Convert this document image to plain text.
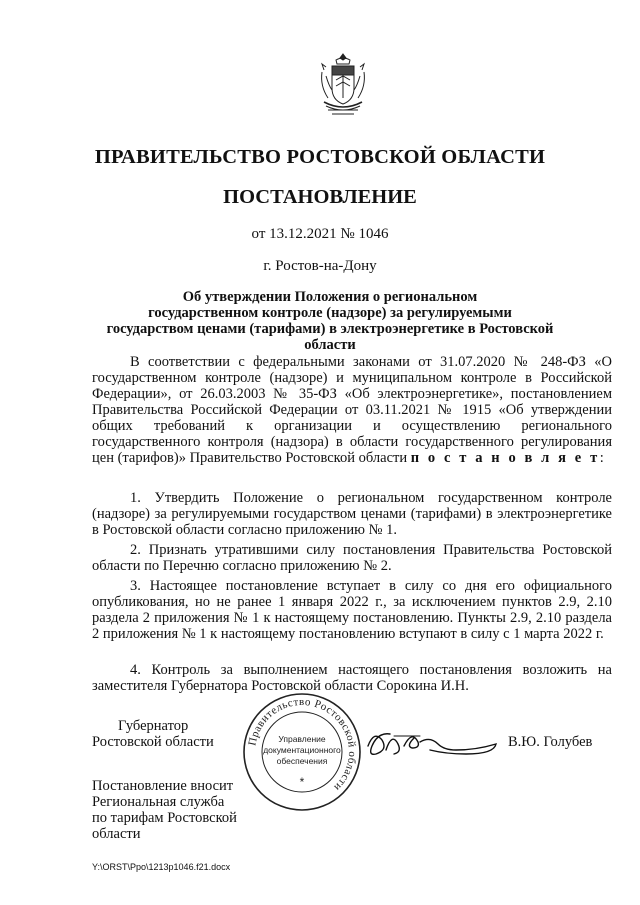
ПРАВИТЕЛЬСТВО РОСТОВСКОЙ ОБЛАСТИ
ПОСТАНОВЛЕНИЕ
от 13.12.2021 № 1046
г. Ростов-на-Дону
Об утверждении Положения о региональном
государственном контроле (надзоре) за регулируемыми
государством ценами (тарифами) в электроэнергетике в Ростовской области
В соответствии с федеральными законами от 31.07.2020 № 248-ФЗ «О государственном контроле (надзоре) и муниципальном контроле в Российской Федерации», от 26.03.2003 № 35-ФЗ «Об электроэнергетике», постановлением Правительства Российской Федерации от 03.11.2021 № 1915 «Об утверждении общих требований к организации и осуществлению регионального государственного контроля (надзора) в области государственного регулирования цен (тарифов)» Правительство Ростовской области п о с т а н о в л я е т:
1. Утвердить Положение о региональном государственном контроле (надзоре) за регулируемыми государством ценами (тарифами) в электроэнергетике в Ростовской области согласно приложению № 1.
2. Признать утратившими силу постановления Правительства Ростовской области по Перечню согласно приложению № 2.
3. Настоящее постановление вступает в силу со дня его официального опубликования, но не ранее 1 января 2022 г., за исключением пунктов 2.9, 2.10 раздела 2 приложения № 1 к настоящему постановлению. Пункты 2.9, 2.10 раздела 2 приложения № 1 к настоящему постановлению вступают в силу с 1 марта 2022 г.
4. Контроль за выполнением настоящего постановления возложить на заместителя Губернатора Ростовской области Сорокина И.Н.
Губернатор
Ростовской области	Правительство Ростовской области
Управление
документационного
обеспечения
*
В.Ю. Голубев
Постановление вносит
Региональная служба
по тарифам Ростовской
области
Y:\ORST\Ppo\1213p1046.f21.docx
